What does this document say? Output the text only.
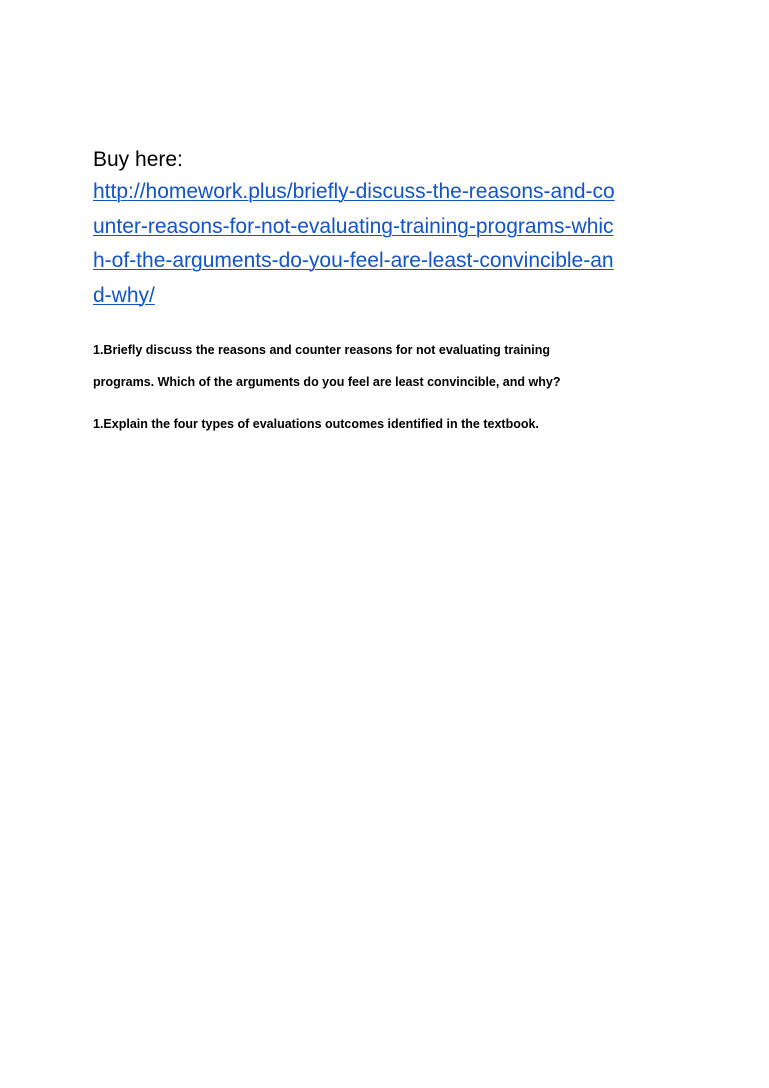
Buy here:

http://homework.plus/briefly-discuss-the-reasons-and-co
unter-reasons-for-not-evaluating-training-programs-whic
h-of-the-arguments-do-you-feel-are-least-convincible-an
d-why/

1.Briefly discuss the reasons and counter reasons for not evaluating training
programs. Which of the arguments do you feel are least convincible, and why?

1.Explain the four types of evaluations outcomes identified in the textbook.
